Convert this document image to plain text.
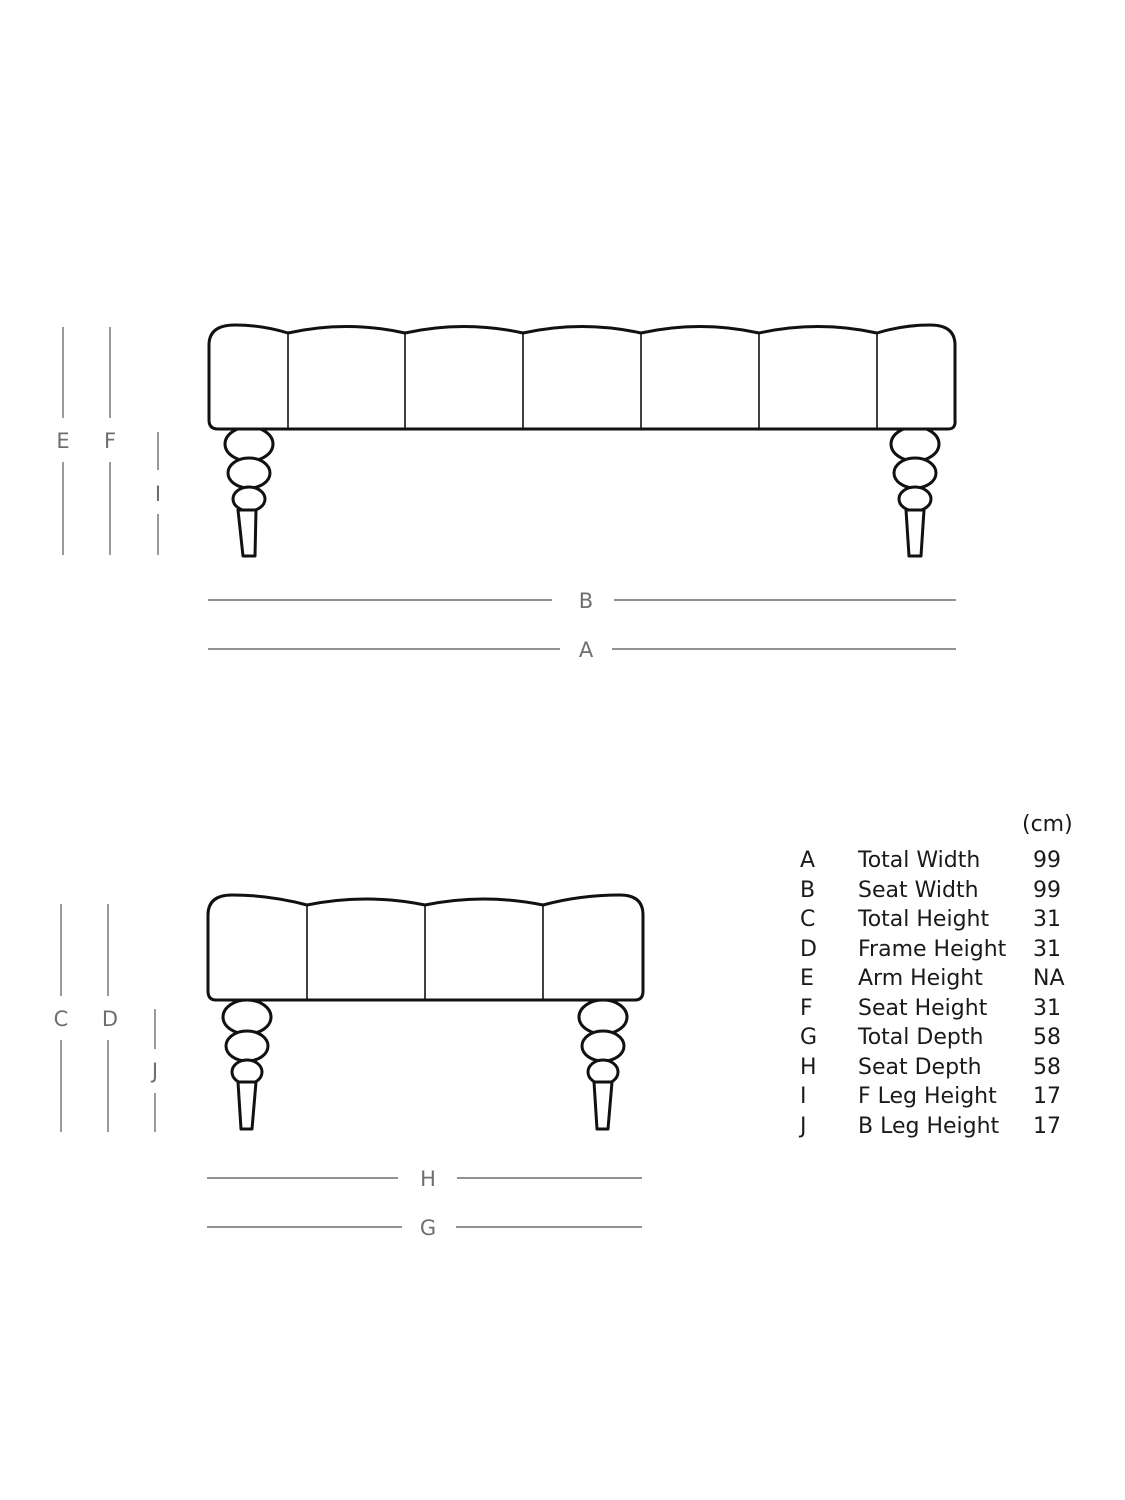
E F
I
B
A
C D
J
H
G
(cm)
A Total Width 99
B Seat Width 99
C Total Height 31
D Frame Height 31
E Arm Height NA
F Seat Height 31
G Total Depth 58
H Seat Depth 58
I F Leg Height 17
J B Leg Height 17
